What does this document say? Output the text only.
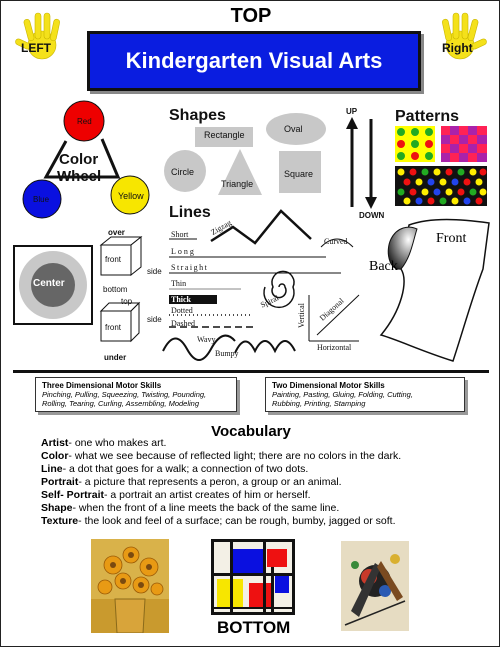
TOP
LEFT	Right
Kindergarten Visual Arts
Red
Blue	Yellow
Color
Wheel
Shapes
Rectangle
Oval
Circle
Triangle
Square
UP
DOWN
Patterns
Lines
Short
Long
Zigzag
Curved
Straight
Thin
Thick
Dotted
Dashed
Wavy
Bumpy
Spiral
Vertical Diagonal
Horizontal
Center
over
front
side
bottom
top
front
side
under
Front
Back
Three Dimensional Motor Skills
Pinching, Pulling, Squeezing, Twisting, Pounding,
Rolling, Tearing, Curling, Assembling, Modeling
Two Dimensional Motor Skills
Painting, Pasting, Gluing, Folding, Cutting,
Rubbing, Printing, Stamping
Vocabulary
Artist- one who makes art.
Color- what we see because of reflected light; there are no colors in the dark.
Line- a dot that goes for a walk; a connection of two dots.
Portrait- a picture that represents a peron, a group or an animal.
Self- Portrait- a portrait an artist creates of him or herself.
Shape- when the front of a line meets the back of the same line.
Texture- the look and feel of a surface; can be rough, bumby, jagged or soft.
BOTTOM
